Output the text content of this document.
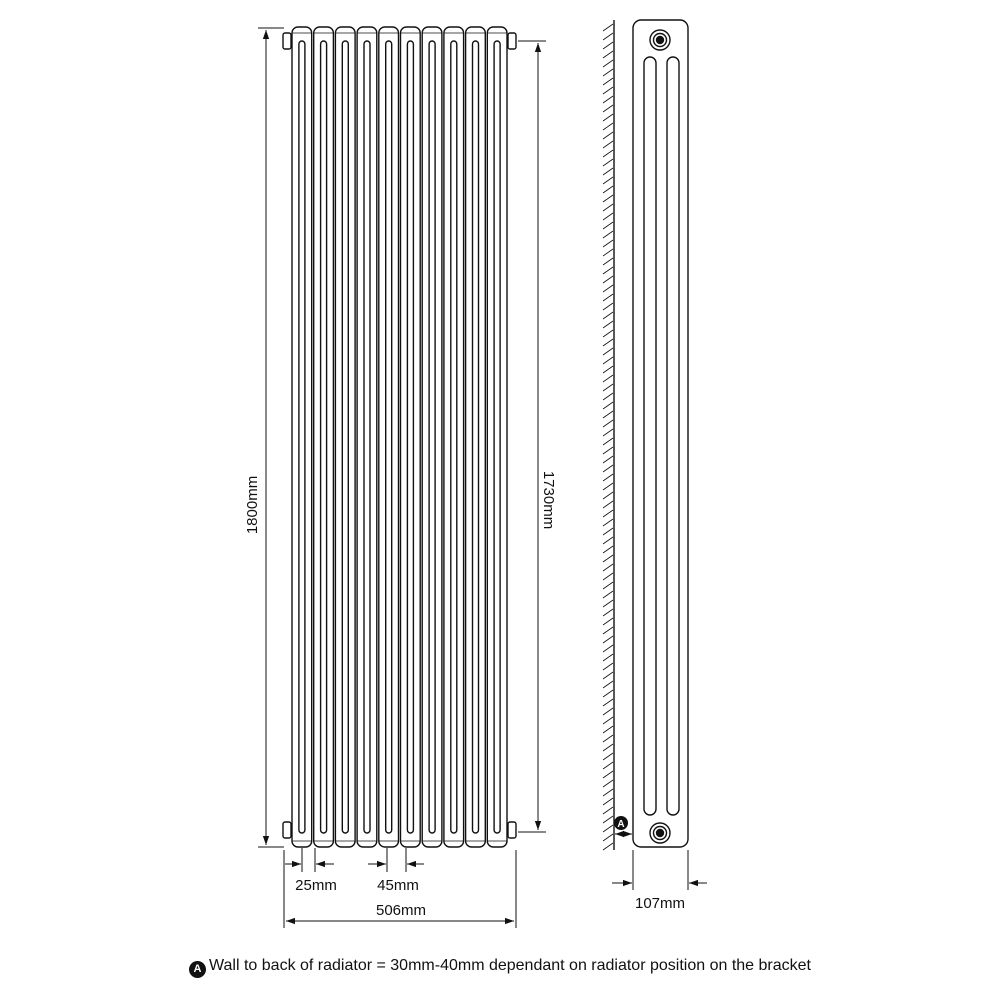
1800mm	1730mm
25mm	45mm
506mm
A
107mm
A Wall to back of radiator = 30mm-40mm dependant on radiator position on the bracket
